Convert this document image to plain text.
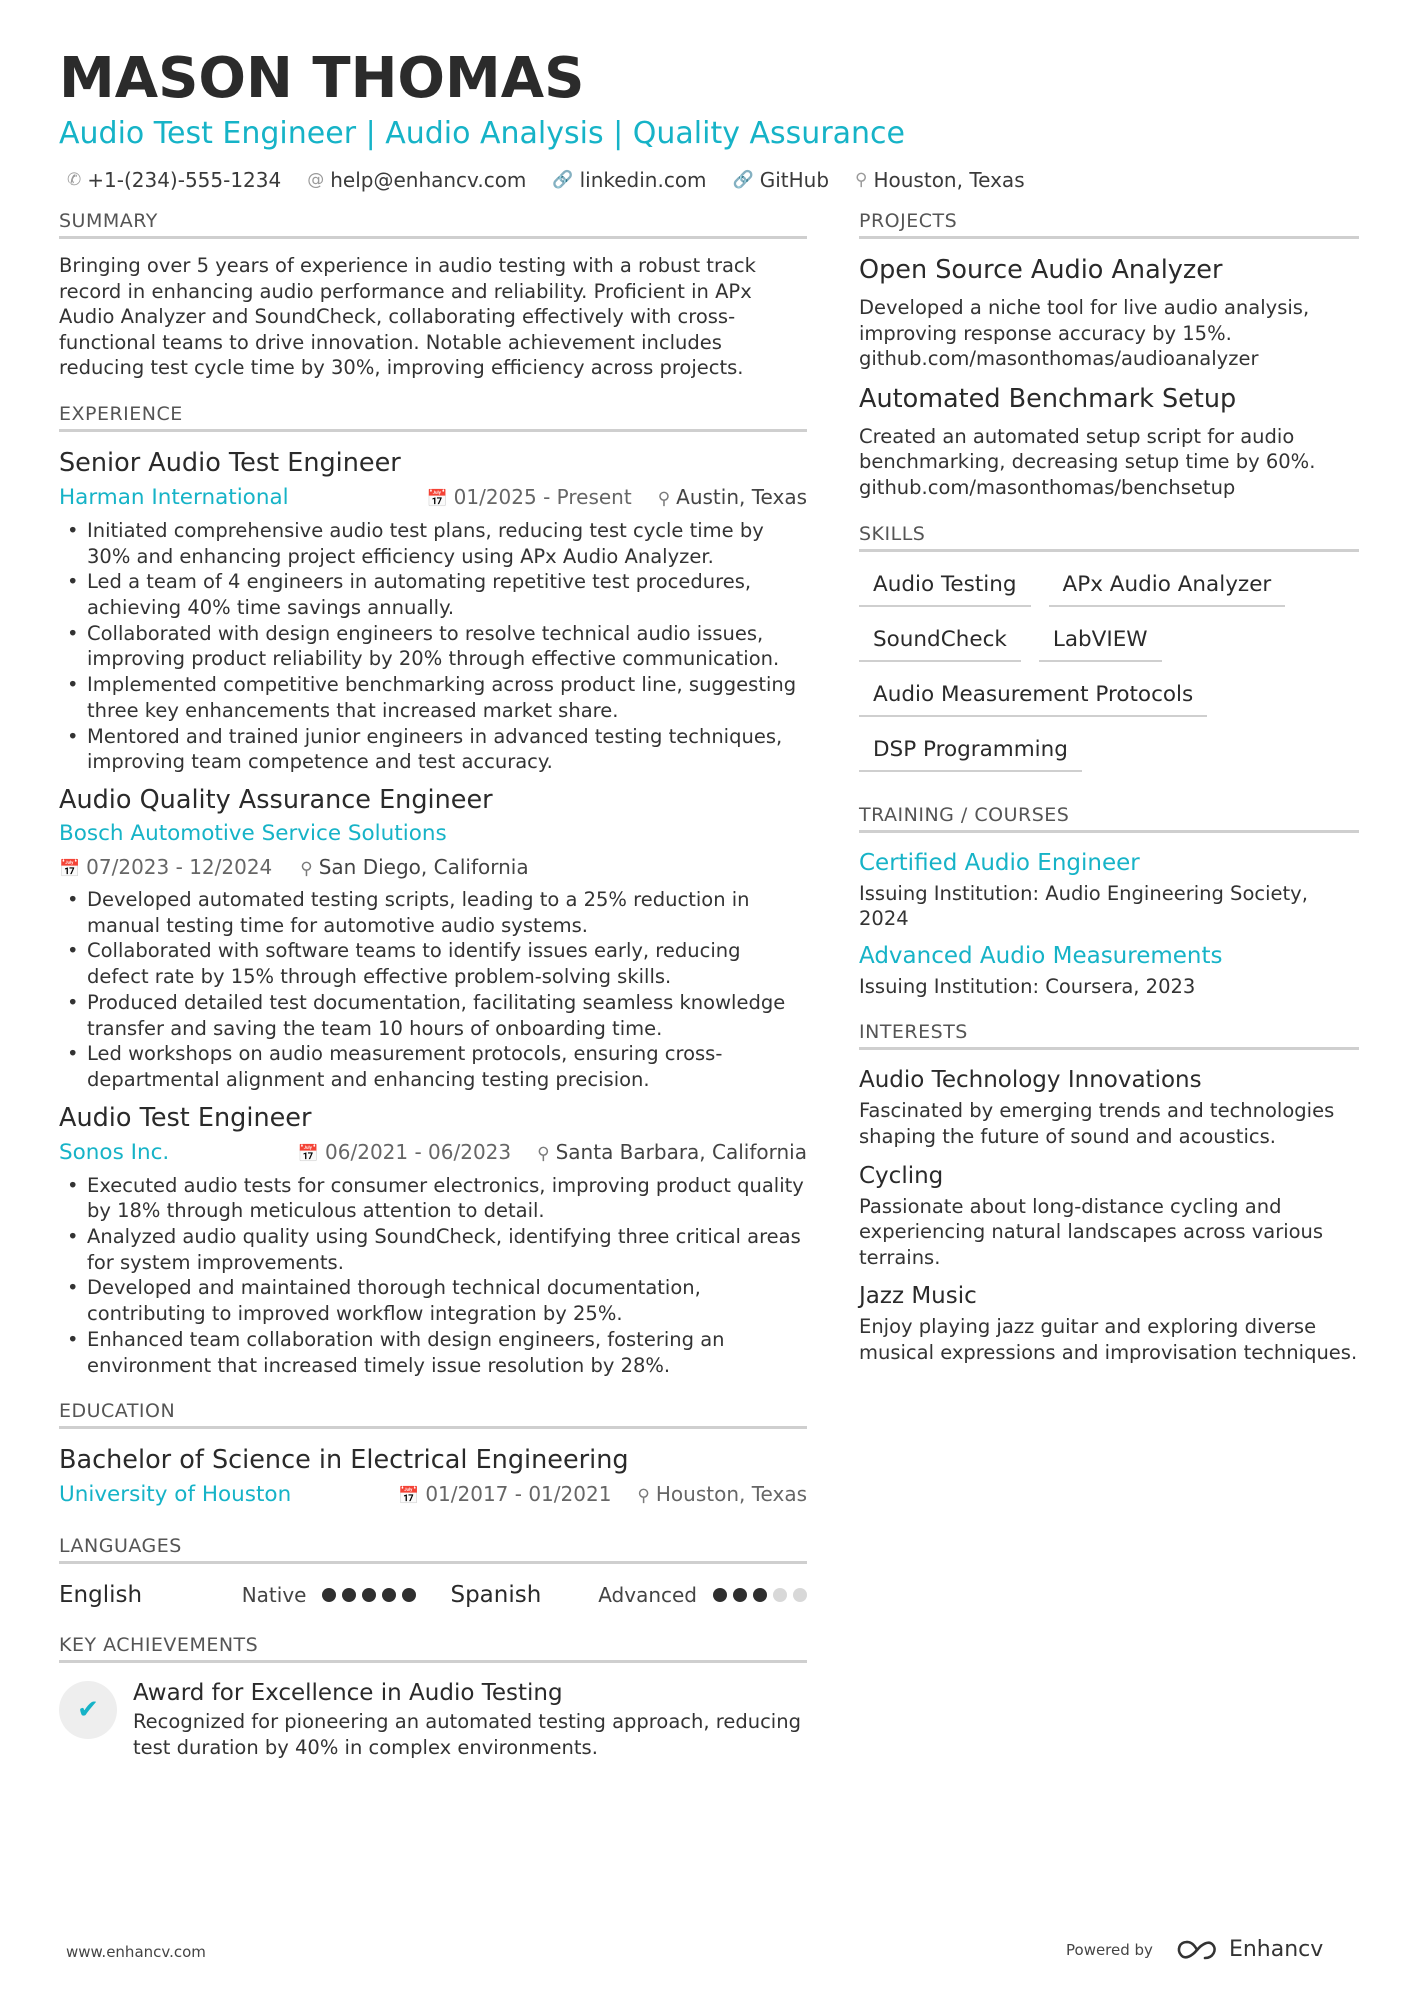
MASON THOMAS
Audio Test Engineer | Audio Analysis | Quality Assurance
✆ +1-(234)-555-1234 @ help@enhancv.com 🔗 linkedin.com 🔗 GitHub ⚲ Houston, Texas
SUMMARY
Bringing over 5 years of experience in audio testing with a robust track record in enhancing audio performance and reliability. Proficient in APx Audio Analyzer and SoundCheck, collaborating effectively with cross-functional teams to drive innovation. Notable achievement includes reducing test cycle time by 30%, improving efficiency across projects.
EXPERIENCE
Senior Audio Test Engineer
Harman International	📅 01/2025 - Present ⚲ Austin, Texas
• Initiated comprehensive audio test plans, reducing test cycle time by 30% and enhancing project efficiency using APx Audio Analyzer.
• Led a team of 4 engineers in automating repetitive test procedures, achieving 40% time savings annually.
• Collaborated with design engineers to resolve technical audio issues, improving product reliability by 20% through effective communication.
• Implemented competitive benchmarking across product line, suggesting three key enhancements that increased market share.
• Mentored and trained junior engineers in advanced testing techniques, improving team competence and test accuracy.
Audio Quality Assurance Engineer
Bosch Automotive Service Solutions
📅 07/2023 - 12/2024 ⚲ San Diego, California
• Developed automated testing scripts, leading to a 25% reduction in manual testing time for automotive audio systems.
• Collaborated with software teams to identify issues early, reducing defect rate by 15% through effective problem-solving skills.
• Produced detailed test documentation, facilitating seamless knowledge transfer and saving the team 10 hours of onboarding time.
• Led workshops on audio measurement protocols, ensuring cross-departmental alignment and enhancing testing precision.
Audio Test Engineer
Sonos Inc.	📅 06/2021 - 06/2023 ⚲ Santa Barbara, California
• Executed audio tests for consumer electronics, improving product quality by 18% through meticulous attention to detail.
• Analyzed audio quality using SoundCheck, identifying three critical areas for system improvements.
• Developed and maintained thorough technical documentation, contributing to improved workflow integration by 25%.
• Enhanced team collaboration with design engineers, fostering an environment that increased timely issue resolution by 28%.
EDUCATION
Bachelor of Science in Electrical Engineering
University of Houston	📅 01/2017 - 01/2021 ⚲ Houston, Texas
LANGUAGES
English	Native	Spanish	Advanced
KEY ACHIEVEMENTS
✔
Award for Excellence in Audio Testing
Recognized for pioneering an automated testing approach, reducing test duration by 40% in complex environments.
PROJECTS
Open Source Audio Analyzer
Developed a niche tool for live audio analysis, improving response accuracy by 15%.
github.com/masonthomas/audioanalyzer
Automated Benchmark Setup
Created an automated setup script for audio benchmarking, decreasing setup time by 60%.
github.com/masonthomas/benchsetup
SKILLS
Audio Testing	APx Audio Analyzer
SoundCheck	LabVIEW
Audio Measurement Protocols
DSP Programming
TRAINING / COURSES
Certified Audio Engineer
Issuing Institution: Audio Engineering Society, 2024
Advanced Audio Measurements
Issuing Institution: Coursera, 2023
INTERESTS
Audio Technology Innovations
Fascinated by emerging trends and technologies shaping the future of sound and acoustics.
Cycling
Passionate about long-distance cycling and experiencing natural landscapes across various terrains.
Jazz Music
Enjoy playing jazz guitar and exploring diverse musical expressions and improvisation techniques.
www.enhancv.com	Powered by	Enhancv
